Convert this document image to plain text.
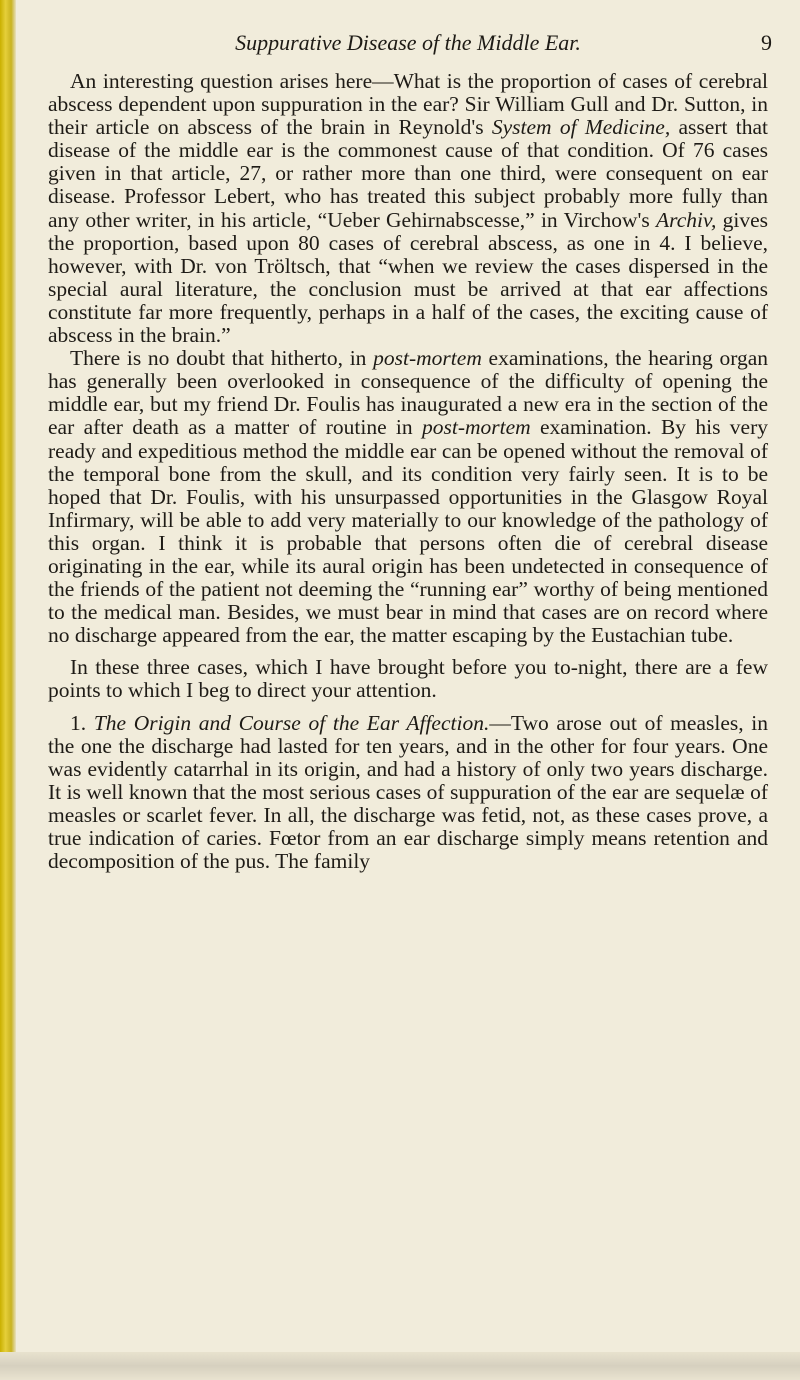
Suppurative Disease of the Middle Ear.	9

An interesting question arises here—What is the proportion of cases of cerebral abscess dependent upon suppuration in the ear? Sir William Gull and Dr. Sutton, in their article on abscess of the brain in Reynold's System of Medicine, assert that disease of the middle ear is the commonest cause of that condition. Of 76 cases given in that article, 27, or rather more than one third, were consequent on ear disease. Professor Lebert, who has treated this subject probably more fully than any other writer, in his article, “Ueber Gehirnabscesse,” in Virchow's Archiv, gives the proportion, based upon 80 cases of cerebral abscess, as one in 4. I believe, however, with Dr. von Tröltsch, that “when we review the cases dispersed in the special aural literature, the conclusion must be arrived at that ear affections constitute far more frequently, perhaps in a half of the cases, the exciting cause of abscess in the brain.”

There is no doubt that hitherto, in post-mortem examinations, the hearing organ has generally been overlooked in consequence of the difficulty of opening the middle ear, but my friend Dr. Foulis has inaugurated a new era in the section of the ear after death as a matter of routine in post-mortem examination. By his very ready and expeditious method the middle ear can be opened without the removal of the temporal bone from the skull, and its condition very fairly seen. It is to be hoped that Dr. Foulis, with his unsurpassed opportunities in the Glasgow Royal Infirmary, will be able to add very materially to our knowledge of the pathology of this organ. I think it is probable that persons often die of cerebral disease originating in the ear, while its aural origin has been undetected in consequence of the friends of the patient not deeming the “running ear” worthy of being mentioned to the medical man. Besides, we must bear in mind that cases are on record where no discharge appeared from the ear, the matter escaping by the Eustachian tube.

In these three cases, which I have brought before you to-night, there are a few points to which I beg to direct your attention.

1. The Origin and Course of the Ear Affection.—Two arose out of measles, in the one the discharge had lasted for ten years, and in the other for four years. One was evidently catarrhal in its origin, and had a history of only two years discharge. It is well known that the most serious cases of suppuration of the ear are sequelæ of measles or scarlet fever. In all, the discharge was fetid, not, as these cases prove, a true indication of caries. Fœtor from an ear discharge simply means retention and decomposition of the pus. The family
